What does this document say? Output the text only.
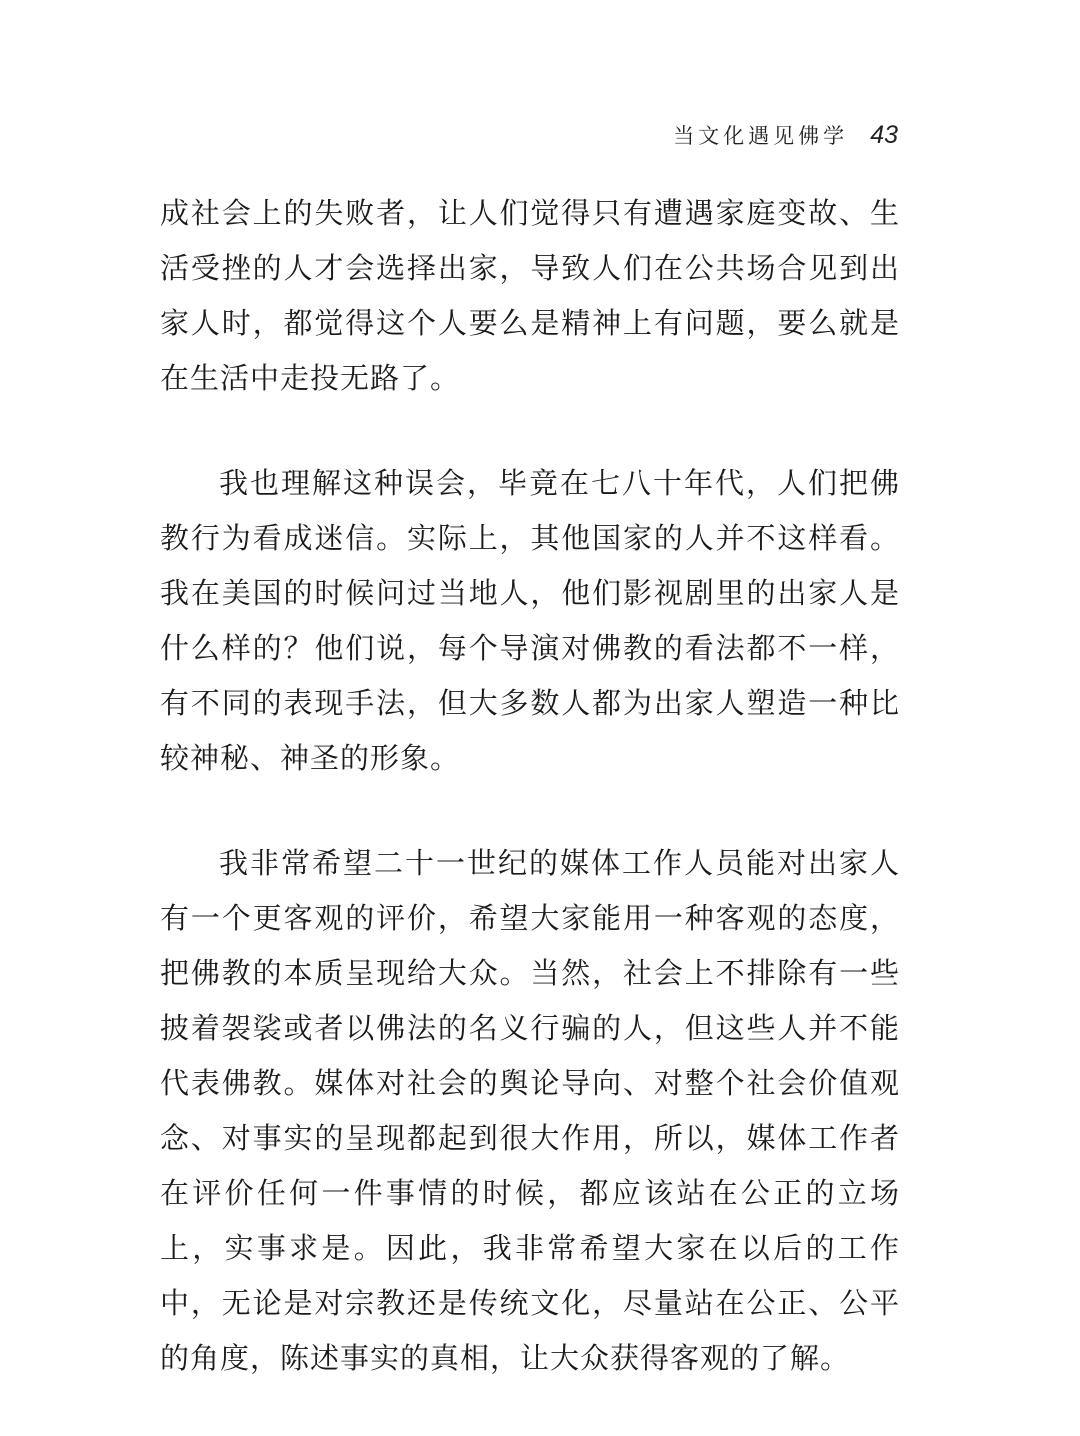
当文化遇见佛学 43

成社会上的失败者，让人们觉得只有遭遇家庭变故、生活受挫的人才会选择出家，导致人们在公共场合见到出家人时，都觉得这个人要么是精神上有问题，要么就是在生活中走投无路了。

我也理解这种误会，毕竟在七八十年代，人们把佛教行为看成迷信。实际上，其他国家的人并不这样看。我在美国的时候问过当地人，他们影视剧里的出家人是什么样的？他们说，每个导演对佛教的看法都不一样，有不同的表现手法，但大多数人都为出家人塑造一种比较神秘、神圣的形象。

我非常希望二十一世纪的媒体工作人员能对出家人有一个更客观的评价，希望大家能用一种客观的态度，把佛教的本质呈现给大众。当然，社会上不排除有一些披着袈裟或者以佛法的名义行骗的人，但这些人并不能代表佛教。媒体对社会的舆论导向、对整个社会价值观念、对事实的呈现都起到很大作用，所以，媒体工作者在评价任何一件事情的时候，都应该站在公正的立场上，实事求是。因此，我非常希望大家在以后的工作中，无论是对宗教还是传统文化，尽量站在公正、公平的角度，陈述事实的真相，让大众获得客观的了解。
